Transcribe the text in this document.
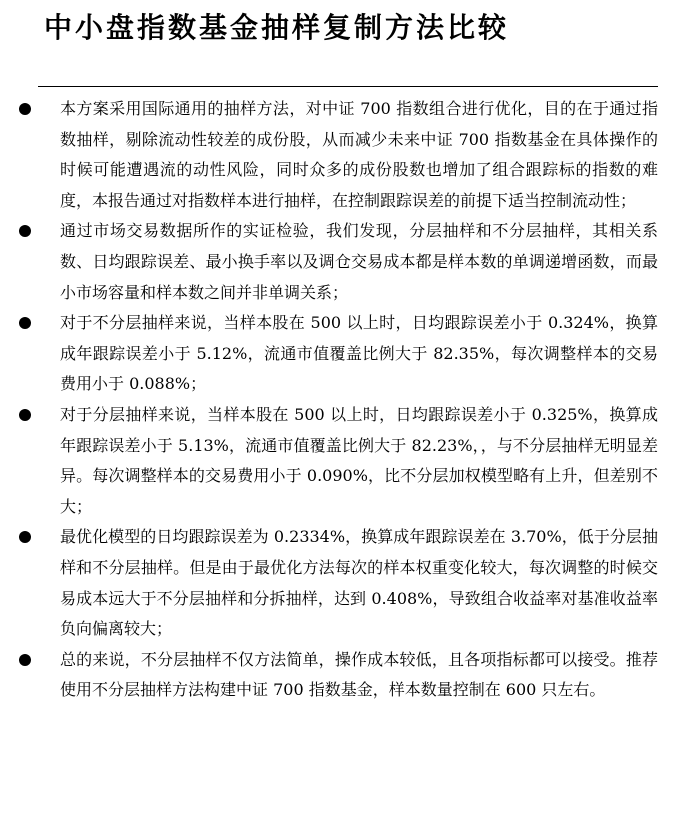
中小盘指数基金抽样复制方法比较
本方案采用国际通用的抽样方法，对中证 700 指数组合进行优化，目的在于通过指数抽样，剔除流动性较差的成份股，从而减少未来中证 700 指数基金在具体操作的时候可能遭遇流的动性风险，同时众多的成份股数也增加了组合跟踪标的指数的难度，本报告通过对指数样本进行抽样，在控制跟踪误差的前提下适当控制流动性；
通过市场交易数据所作的实证检验，我们发现，分层抽样和不分层抽样，其相关系数、日均跟踪误差、最小换手率以及调仓交易成本都是样本数的单调递增函数，而最小市场容量和样本数之间并非单调关系；
对于不分层抽样来说，当样本股在 500 以上时，日均跟踪误差小于 0.324%，换算成年跟踪误差小于 5.12%，流通市值覆盖比例大于 82.35%，每次调整样本的交易费用小于 0.088%；
对于分层抽样来说，当样本股在 500 以上时，日均跟踪误差小于 0.325%，换算成年跟踪误差小于 5.13%，流通市值覆盖比例大于 82.23%，，与不分层抽样无明显差异。每次调整样本的交易费用小于 0.090%，比不分层加权模型略有上升，但差别不大；
最优化模型的日均跟踪误差为 0.2334%，换算成年跟踪误差在 3.70%，低于分层抽样和不分层抽样。但是由于最优化方法每次的样本权重变化较大，每次调整的时候交易成本远大于不分层抽样和分拆抽样，达到 0.408%，导致组合收益率对基准收益率负向偏离较大；
总的来说，不分层抽样不仅方法简单，操作成本较低，且各项指标都可以接受。推荐使用不分层抽样方法构建中证 700 指数基金，样本数量控制在 600 只左右。
